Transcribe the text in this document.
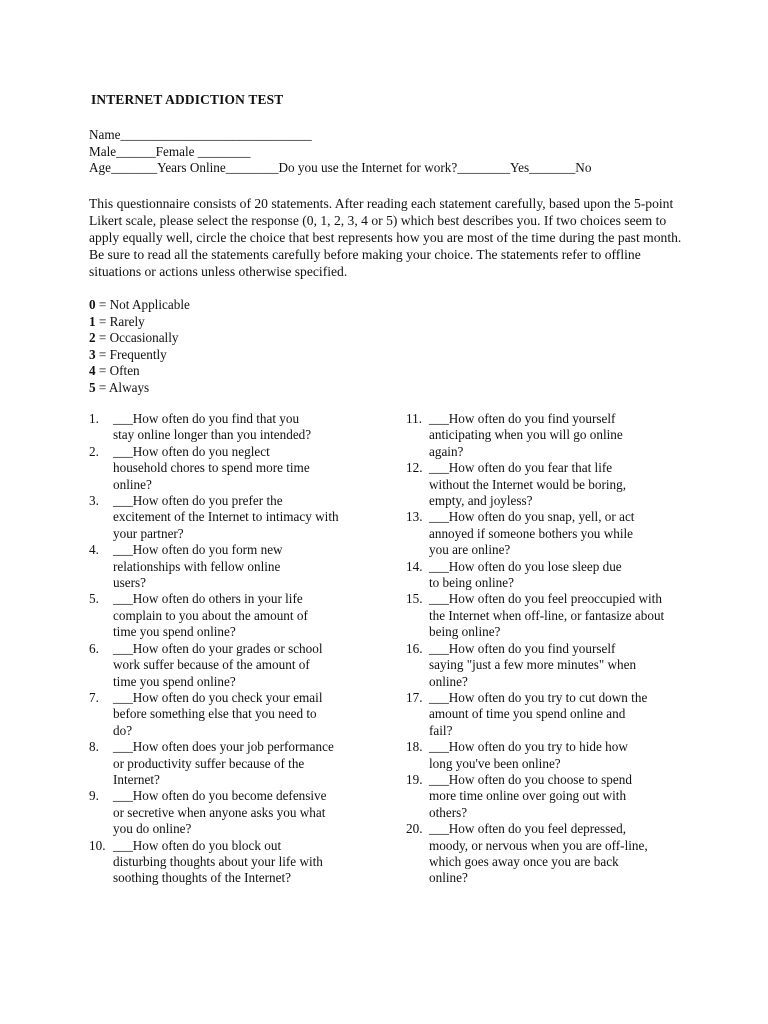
INTERNET ADDICTION TEST
Name_____________________________
Male______Female ________
Age_______Years Online________Do you use the Internet for work?________Yes_______No
This questionnaire consists of 20 statements. After reading each statement carefully, based upon the 5-point Likert scale, please select the response (0, 1, 2, 3, 4 or 5) which best describes you. If two choices seem to apply equally well, circle the choice that best represents how you are most of the time during the past month. Be sure to read all the statements carefully before making your choice. The statements refer to offline situations or actions unless otherwise specified.
0 = Not Applicable
1 = Rarely
2 = Occasionally
3 = Frequently
4 = Often
5 = Always
1.	___How often do you find that you
stay online longer than you intended?
2.	___How often do you neglect
household chores to spend more time
online?
3.	___How often do you prefer the
excitement of the Internet to intimacy with
your partner?
4.	___How often do you form new
relationships with fellow online
users?
5.	___How often do others in your life
complain to you about the amount of
time you spend online?
6.	___How often do your grades or school
work suffer because of the amount of
time you spend online?
7.	___How often do you check your email
before something else that you need to
do?
8.	___How often does your job performance
or productivity suffer because of the
Internet?
9.	___How often do you become defensive
or secretive when anyone asks you what
you do online?
10. ___How often do you block out
disturbing thoughts about your life with
soothing thoughts of the Internet?
11. ___How often do you find yourself
anticipating when you will go online
again?
12. ___How often do you fear that life
without the Internet would be boring,
empty, and joyless?
13. ___How often do you snap, yell, or act
annoyed if someone bothers you while
you are online?
14. ___How often do you lose sleep due
to being online?
15. ___How often do you feel preoccupied with
the Internet when off-line, or fantasize about
being online?
16. ___How often do you find yourself
saying "just a few more minutes" when
online?
17. ___How often do you try to cut down the
amount of time you spend online and
fail?
18. ___How often do you try to hide how
long you've been online?
19. ___How often do you choose to spend
more time online over going out with
others?
20. ___How often do you feel depressed,
moody, or nervous when you are off-line,
which goes away once you are back
online?
